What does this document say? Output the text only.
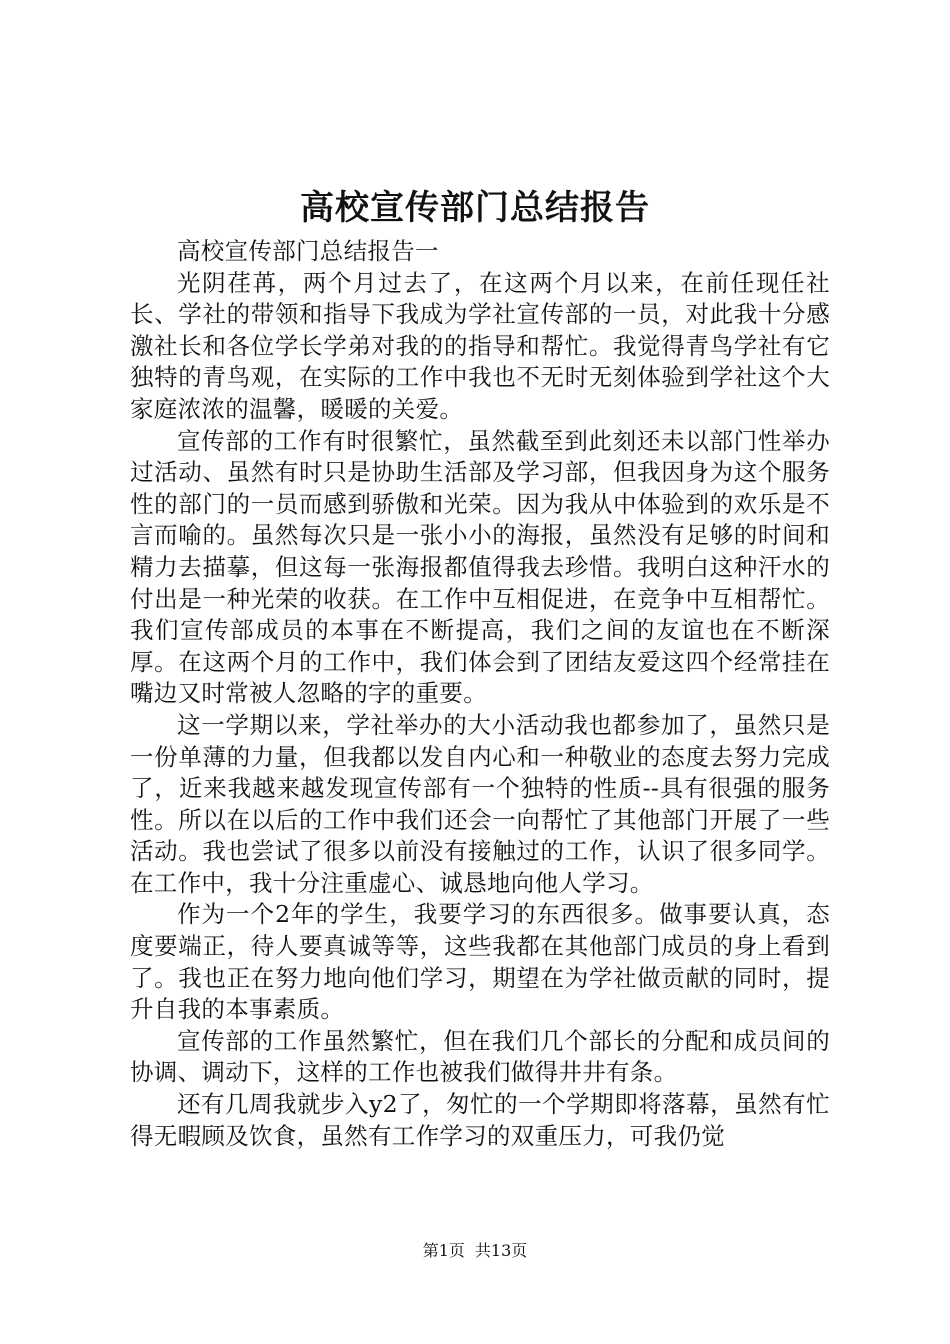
高校宣传部门总结报告

高校宣传部门总结报告一

光阴荏苒，两个月过去了，在这两个月以来，在前任现任社长、学社的带领和指导下我成为学社宣传部的一员，对此我十分感激社长和各位学长学弟对我的的指导和帮忙。我觉得青鸟学社有它独特的青鸟观，在实际的工作中我也不无时无刻体验到学社这个大家庭浓浓的温馨，暖暖的关爱。

宣传部的工作有时很繁忙，虽然截至到此刻还未以部门性举办过活动、虽然有时只是协助生活部及学习部，但我因身为这个服务性的部门的一员而感到骄傲和光荣。因为我从中体验到的欢乐是不言而喻的。虽然每次只是一张小小的海报，虽然没有足够的时间和精力去描摹，但这每一张海报都值得我去珍惜。我明白这种汗水的付出是一种光荣的收获。在工作中互相促进，在竞争中互相帮忙。我们宣传部成员的本事在不断提高，我们之间的友谊也在不断深厚。在这两个月的工作中，我们体会到了团结友爱这四个经常挂在嘴边又时常被人忽略的字的重要。

这一学期以来，学社举办的大小活动我也都参加了，虽然只是一份单薄的力量，但我都以发自内心和一种敬业的态度去努力完成了，近来我越来越发现宣传部有一个独特的性质--具有很强的服务性。所以在以后的工作中我们还会一向帮忙了其他部门开展了一些活动。我也尝试了很多以前没有接触过的工作，认识了很多同学。在工作中，我十分注重虚心、诚恳地向他人学习。

作为一个2年的学生，我要学习的东西很多。做事要认真，态度要端正，待人要真诚等等，这些我都在其他部门成员的身上看到了。我也正在努力地向他们学习，期望在为学社做贡献的同时，提升自我的本事素质。

宣传部的工作虽然繁忙，但在我们几个部长的分配和成员间的协调、调动下，这样的工作也被我们做得井井有条。

还有几周我就步入y2了，匆忙的一个学期即将落幕，虽然有忙得无暇顾及饮食，虽然有工作学习的双重压力，可我仍觉

第1页 共13页
